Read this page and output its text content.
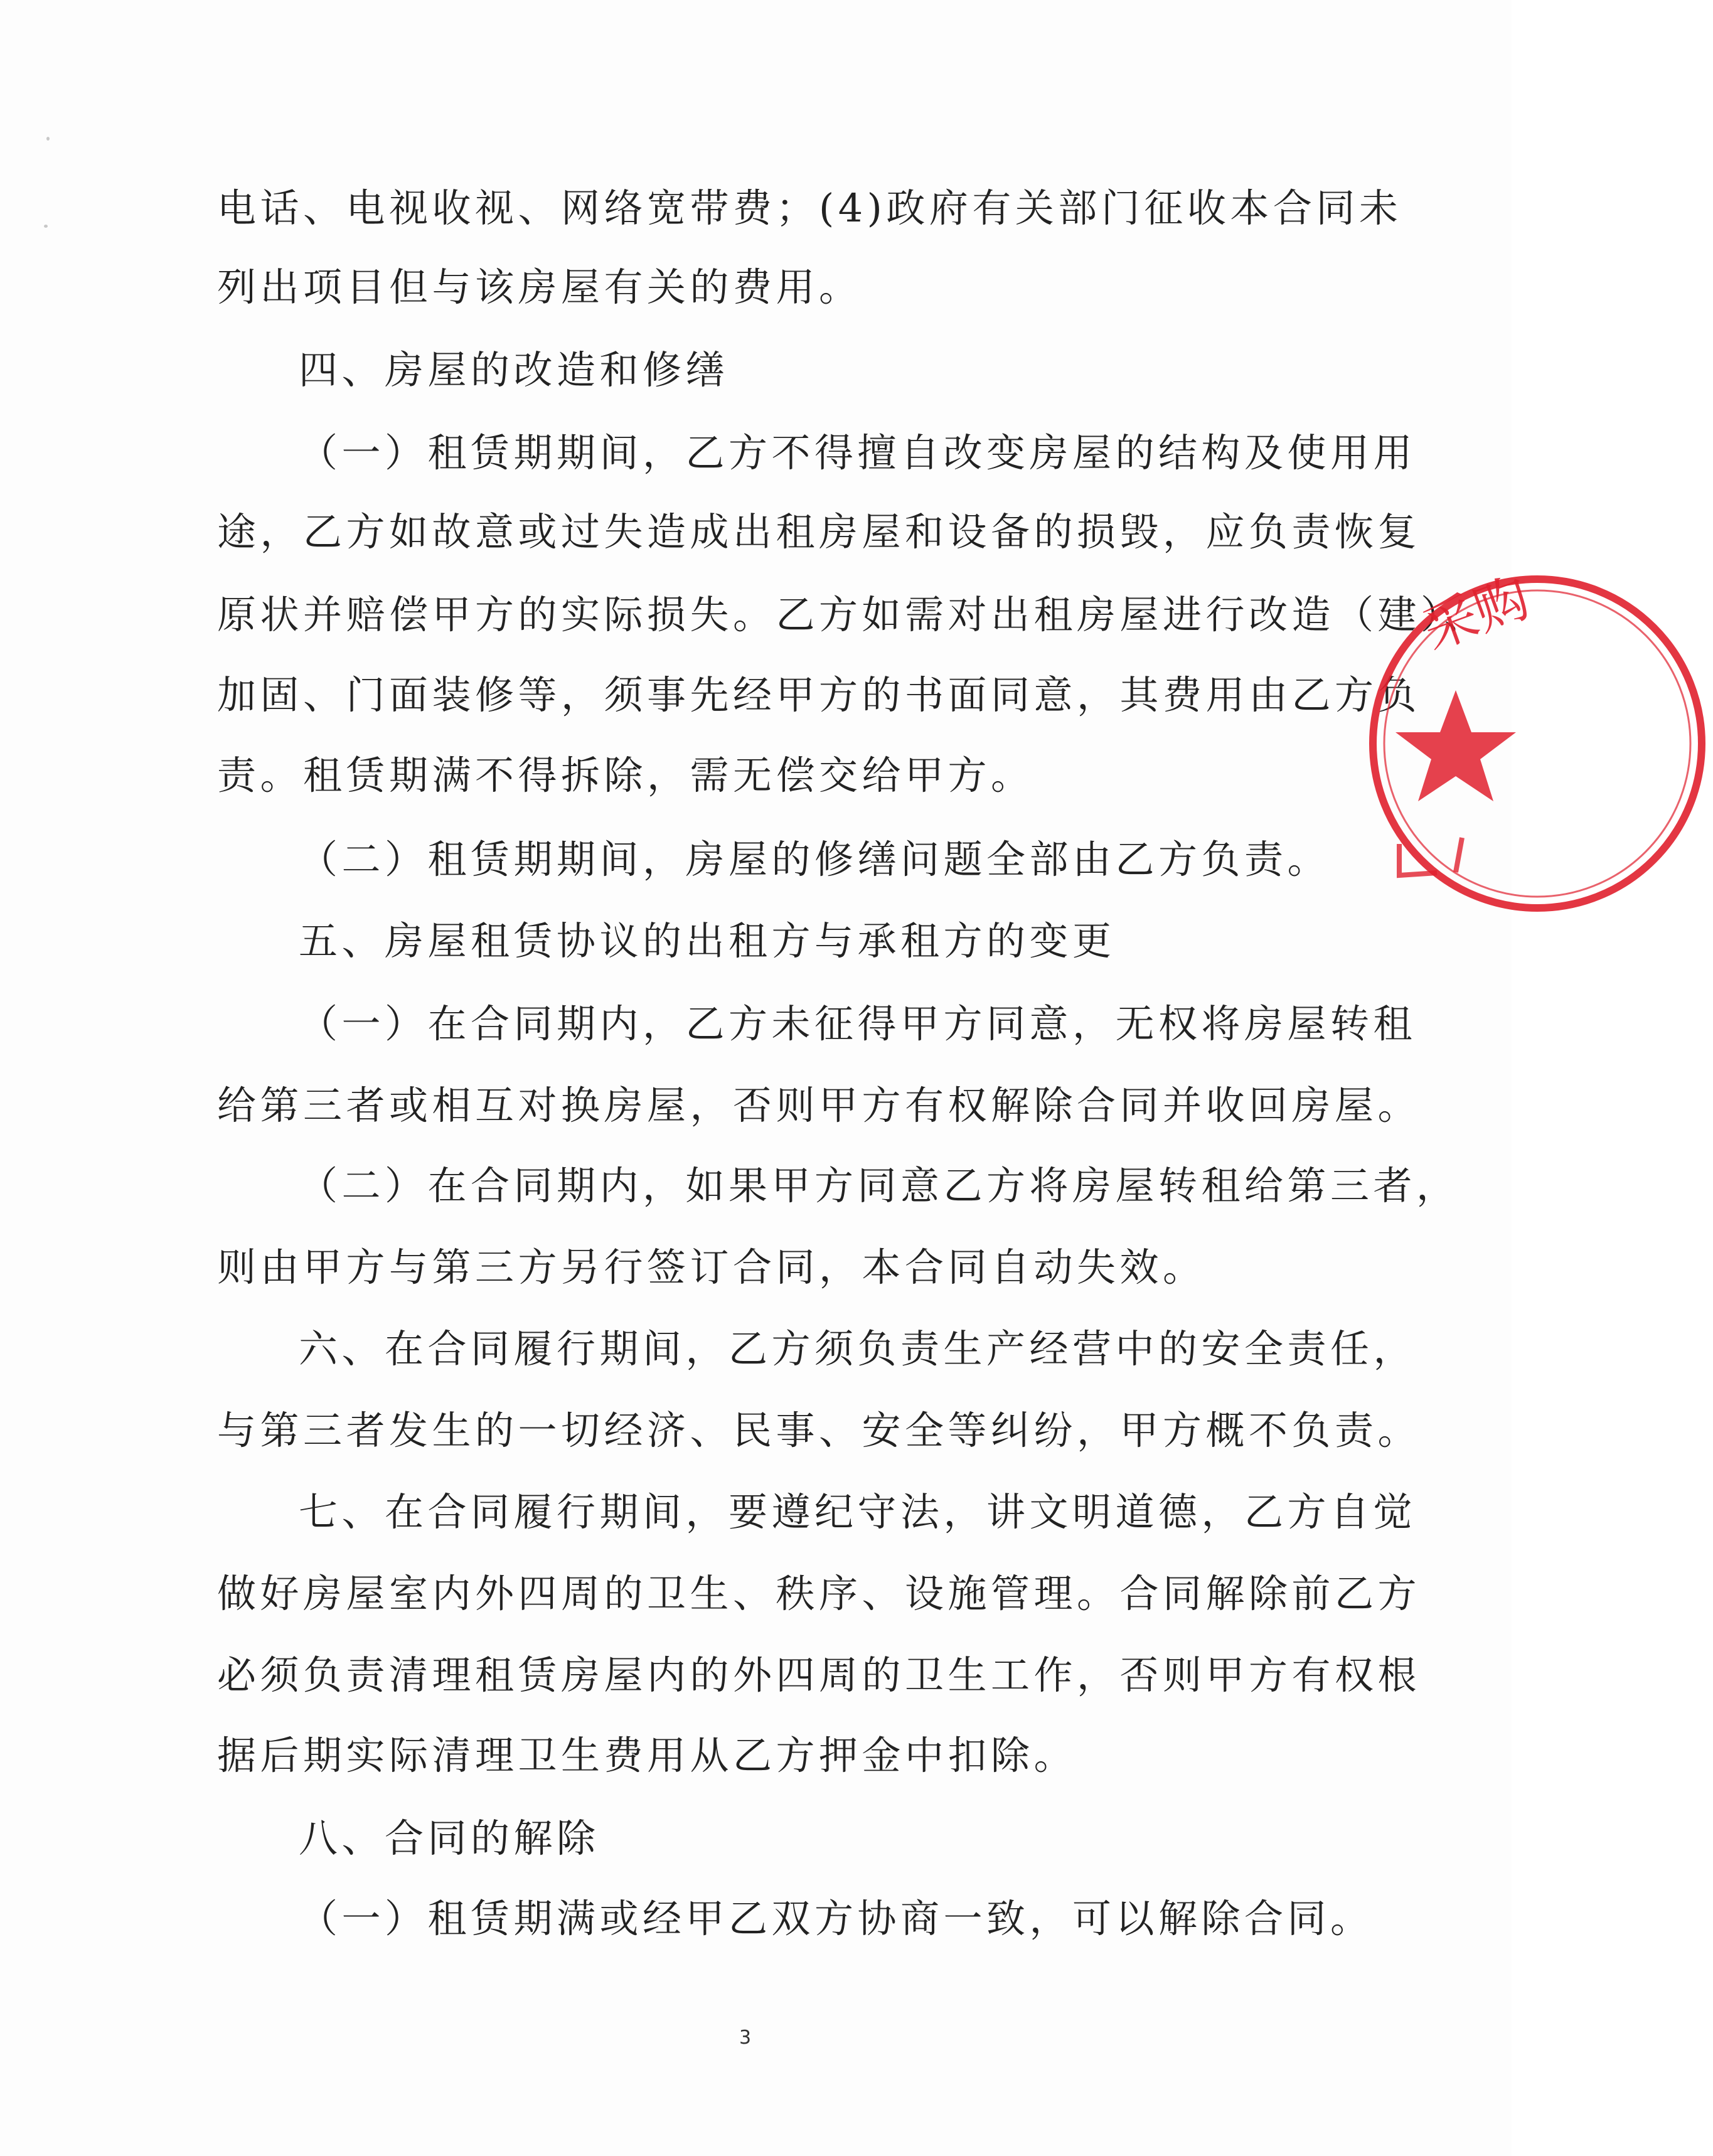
电话、电视收视、网络宽带费；(4)政府有关部门征收本合同未
列出项目但与该房屋有关的费用。
四、房屋的改造和修缮
（一）租赁期期间，乙方不得擅自改变房屋的结构及使用用
途，乙方如故意或过失造成出租房屋和设备的损毁，应负责恢复
原状并赔偿甲方的实际损失。乙方如需对出租房屋进行改造（建）、
加固、门面装修等，须事先经甲方的书面同意，其费用由乙方负
责。租赁期满不得拆除，需无偿交给甲方。
（二）租赁期期间，房屋的修缮问题全部由乙方负责。
五、房屋租赁协议的出租方与承租方的变更
（一）在合同期内，乙方未征得甲方同意，无权将房屋转租
给第三者或相互对换房屋，否则甲方有权解除合同并收回房屋。
（二）在合同期内，如果甲方同意乙方将房屋转租给第三者，
则由甲方与第三方另行签订合同，本合同自动失效。
六、在合同履行期间，乙方须负责生产经营中的安全责任，
与第三者发生的一切经济、民事、安全等纠纷，甲方概不负责。
七、在合同履行期间，要遵纪守法，讲文明道德，乙方自觉
做好房屋室内外四周的卫生、秩序、设施管理。合同解除前乙方
必须负责清理租赁房屋内的外四周的卫生工作，否则甲方有权根
据后期实际清理卫生费用从乙方押金中扣除。
八、合同的解除
（一）租赁期满或经甲乙双方协商一致，可以解除合同。
采购
3
